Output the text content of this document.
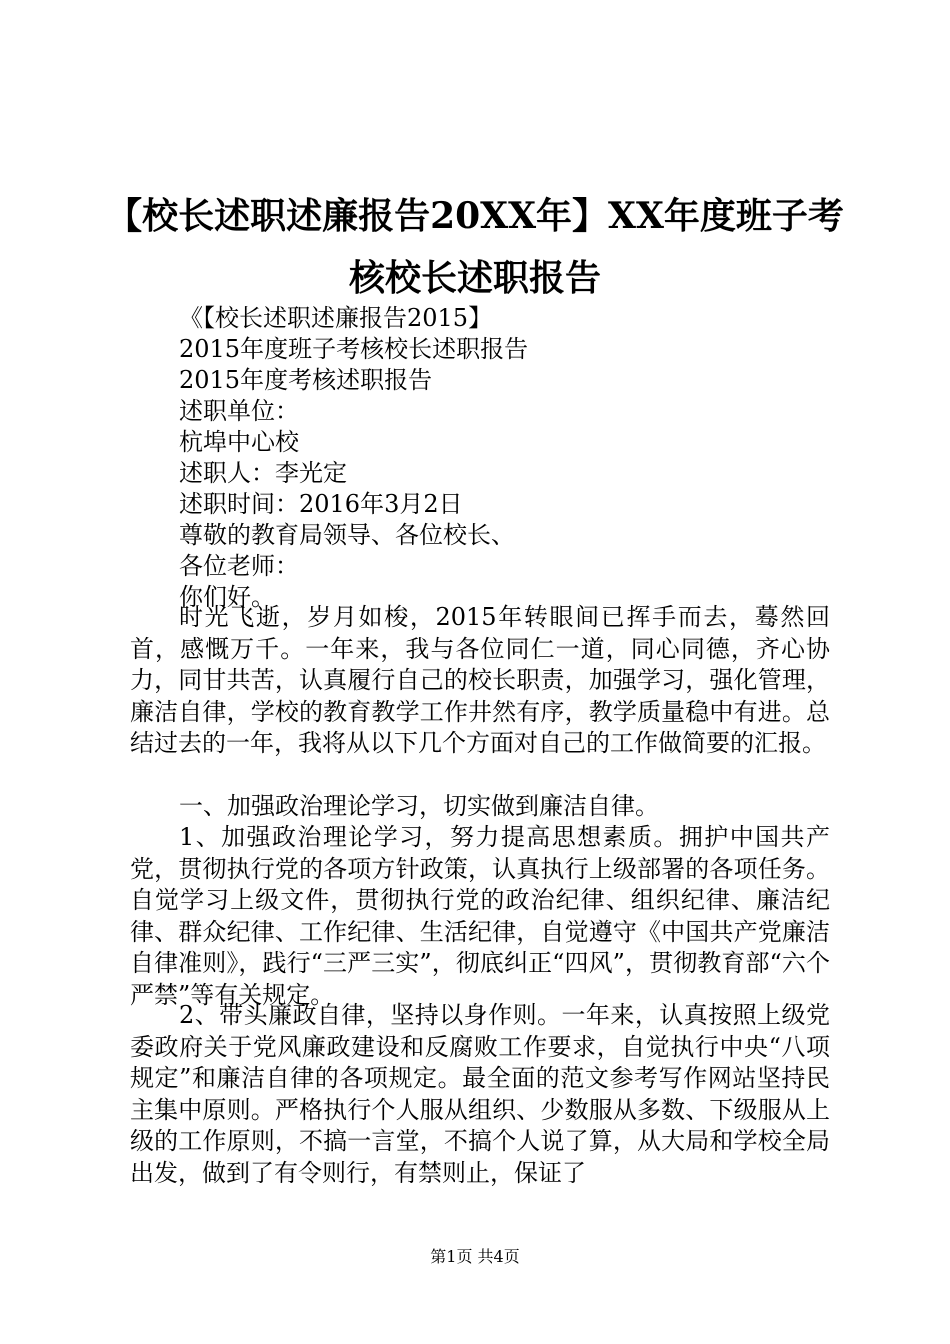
【校长述职述廉报告20XX年】XX年度班子考
核校长述职报告
《【校长述职述廉报告2015】
2015年度班子考核校长述职报告
2015年度考核述职报告
述职单位：
杭埠中心校
述职人：李光定
述职时间：2016年3月2日
尊敬的教育局领导、各位校长、
各位老师：
你们好。

时光飞逝，岁月如梭，2015年转眼间已挥手而去，蓦然回首，感慨万千。一年来，我与各位同仁一道，同心同德，齐心协力，同甘共苦，认真履行自己的校长职责，加强学习，强化管理，廉洁自律，学校的教育教学工作井然有序，教学质量稳中有进。总结过去的一年，我将从以下几个方面对自己的工作做简要的汇报。

一、加强政治理论学习，切实做到廉洁自律。

1、加强政治理论学习，努力提高思想素质。拥护中国共产党，贯彻执行党的各项方针政策，认真执行上级部署的各项任务。自觉学习上级文件，贯彻执行党的政治纪律、组织纪律、廉洁纪律、群众纪律、工作纪律、生活纪律，自觉遵守《中国共产党廉洁自律准则》，践行“三严三实”，彻底纠正“四风”，贯彻教育部“六个严禁”等有关规定。

2、带头廉政自律，坚持以身作则。一年来，认真按照上级党委政府关于党风廉政建设和反腐败工作要求，自觉执行中央“八项规定”和廉洁自律的各项规定。最全面的范文参考写作网站坚持民主集中原则。严格执行个人服从组织、少数服从多数、下级服从上级的工作原则，不搞一言堂，不搞个人说了算，从大局和学校全局出发，做到了有令则行，有禁则止，保证了

第1页 共4页
